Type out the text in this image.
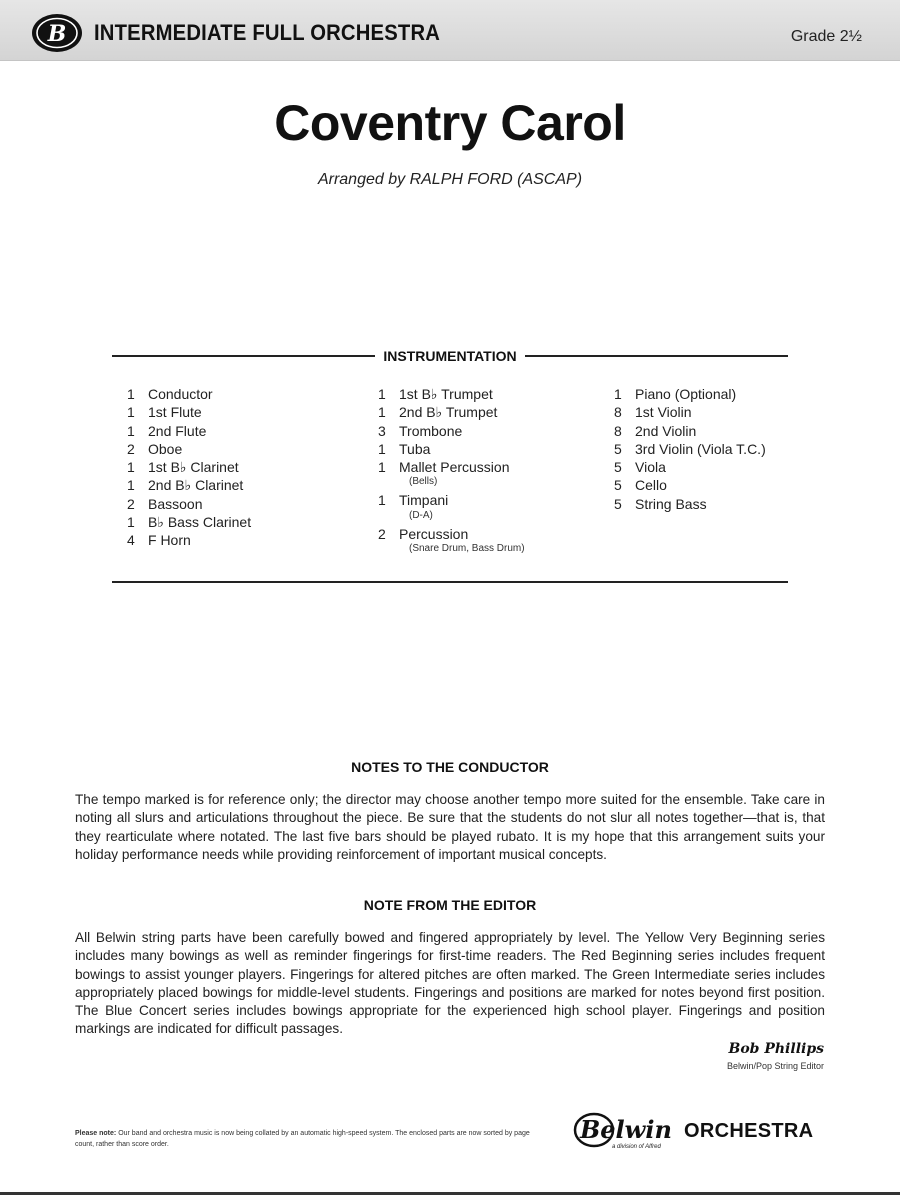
B INTERMEDIATE FULL ORCHESTRA	Grade 2½
Coventry Carol
Arranged by RALPH FORD (ASCAP)
INSTRUMENTATION
1 Conductor
1 1st Flute
1 2nd Flute
2 Oboe
1 1st B♭ Clarinet
1 2nd B♭ Clarinet
2 Bassoon
1 B♭ Bass Clarinet
4 F Horn
1 1st B♭ Trumpet
1 2nd B♭ Trumpet
3 Trombone
1 Tuba
1 Mallet Percussion
(Bells)
1 Timpani
(D-A)
2 Percussion
(Snare Drum, Bass Drum)
1 Piano (Optional)
8 1st Violin
8 2nd Violin
5 3rd Violin (Viola T.C.)
5 Viola
5 Cello
5 String Bass
NOTES TO THE CONDUCTOR
The tempo marked is for reference only; the director may choose another tempo more suited for the ensemble. Take care in noting all slurs and articulations throughout the piece. Be sure that the students do not slur all notes together—that is, that they rearticulate where notated. The last five bars should be played rubato. It is my hope that this arrangement suits your holiday performance needs while providing reinforcement of important musical concepts.
NOTE FROM THE EDITOR
All Belwin string parts have been carefully bowed and fingered appropriately by level. The Yellow Very Beginning series includes many bowings as well as reminder fingerings for first-time readers. The Red Beginning series includes frequent bowings to assist younger players. Fingerings for altered pitches are often marked. The Green Intermediate series includes appropriately placed bowings for middle-level students. Fingerings and positions are marked for notes beyond first position. The Blue Concert series includes bowings appropriate for the experienced high school player. Fingerings and position markings are indicated for difficult passages.
Bob Phillips
Belwin/Pop String Editor
Please note: Our band and orchestra music is now being collated by an automatic high-speed system. The enclosed parts are now sorted by page count, rather than score order.
Belwin ORCHESTRA
a division of Alfred
